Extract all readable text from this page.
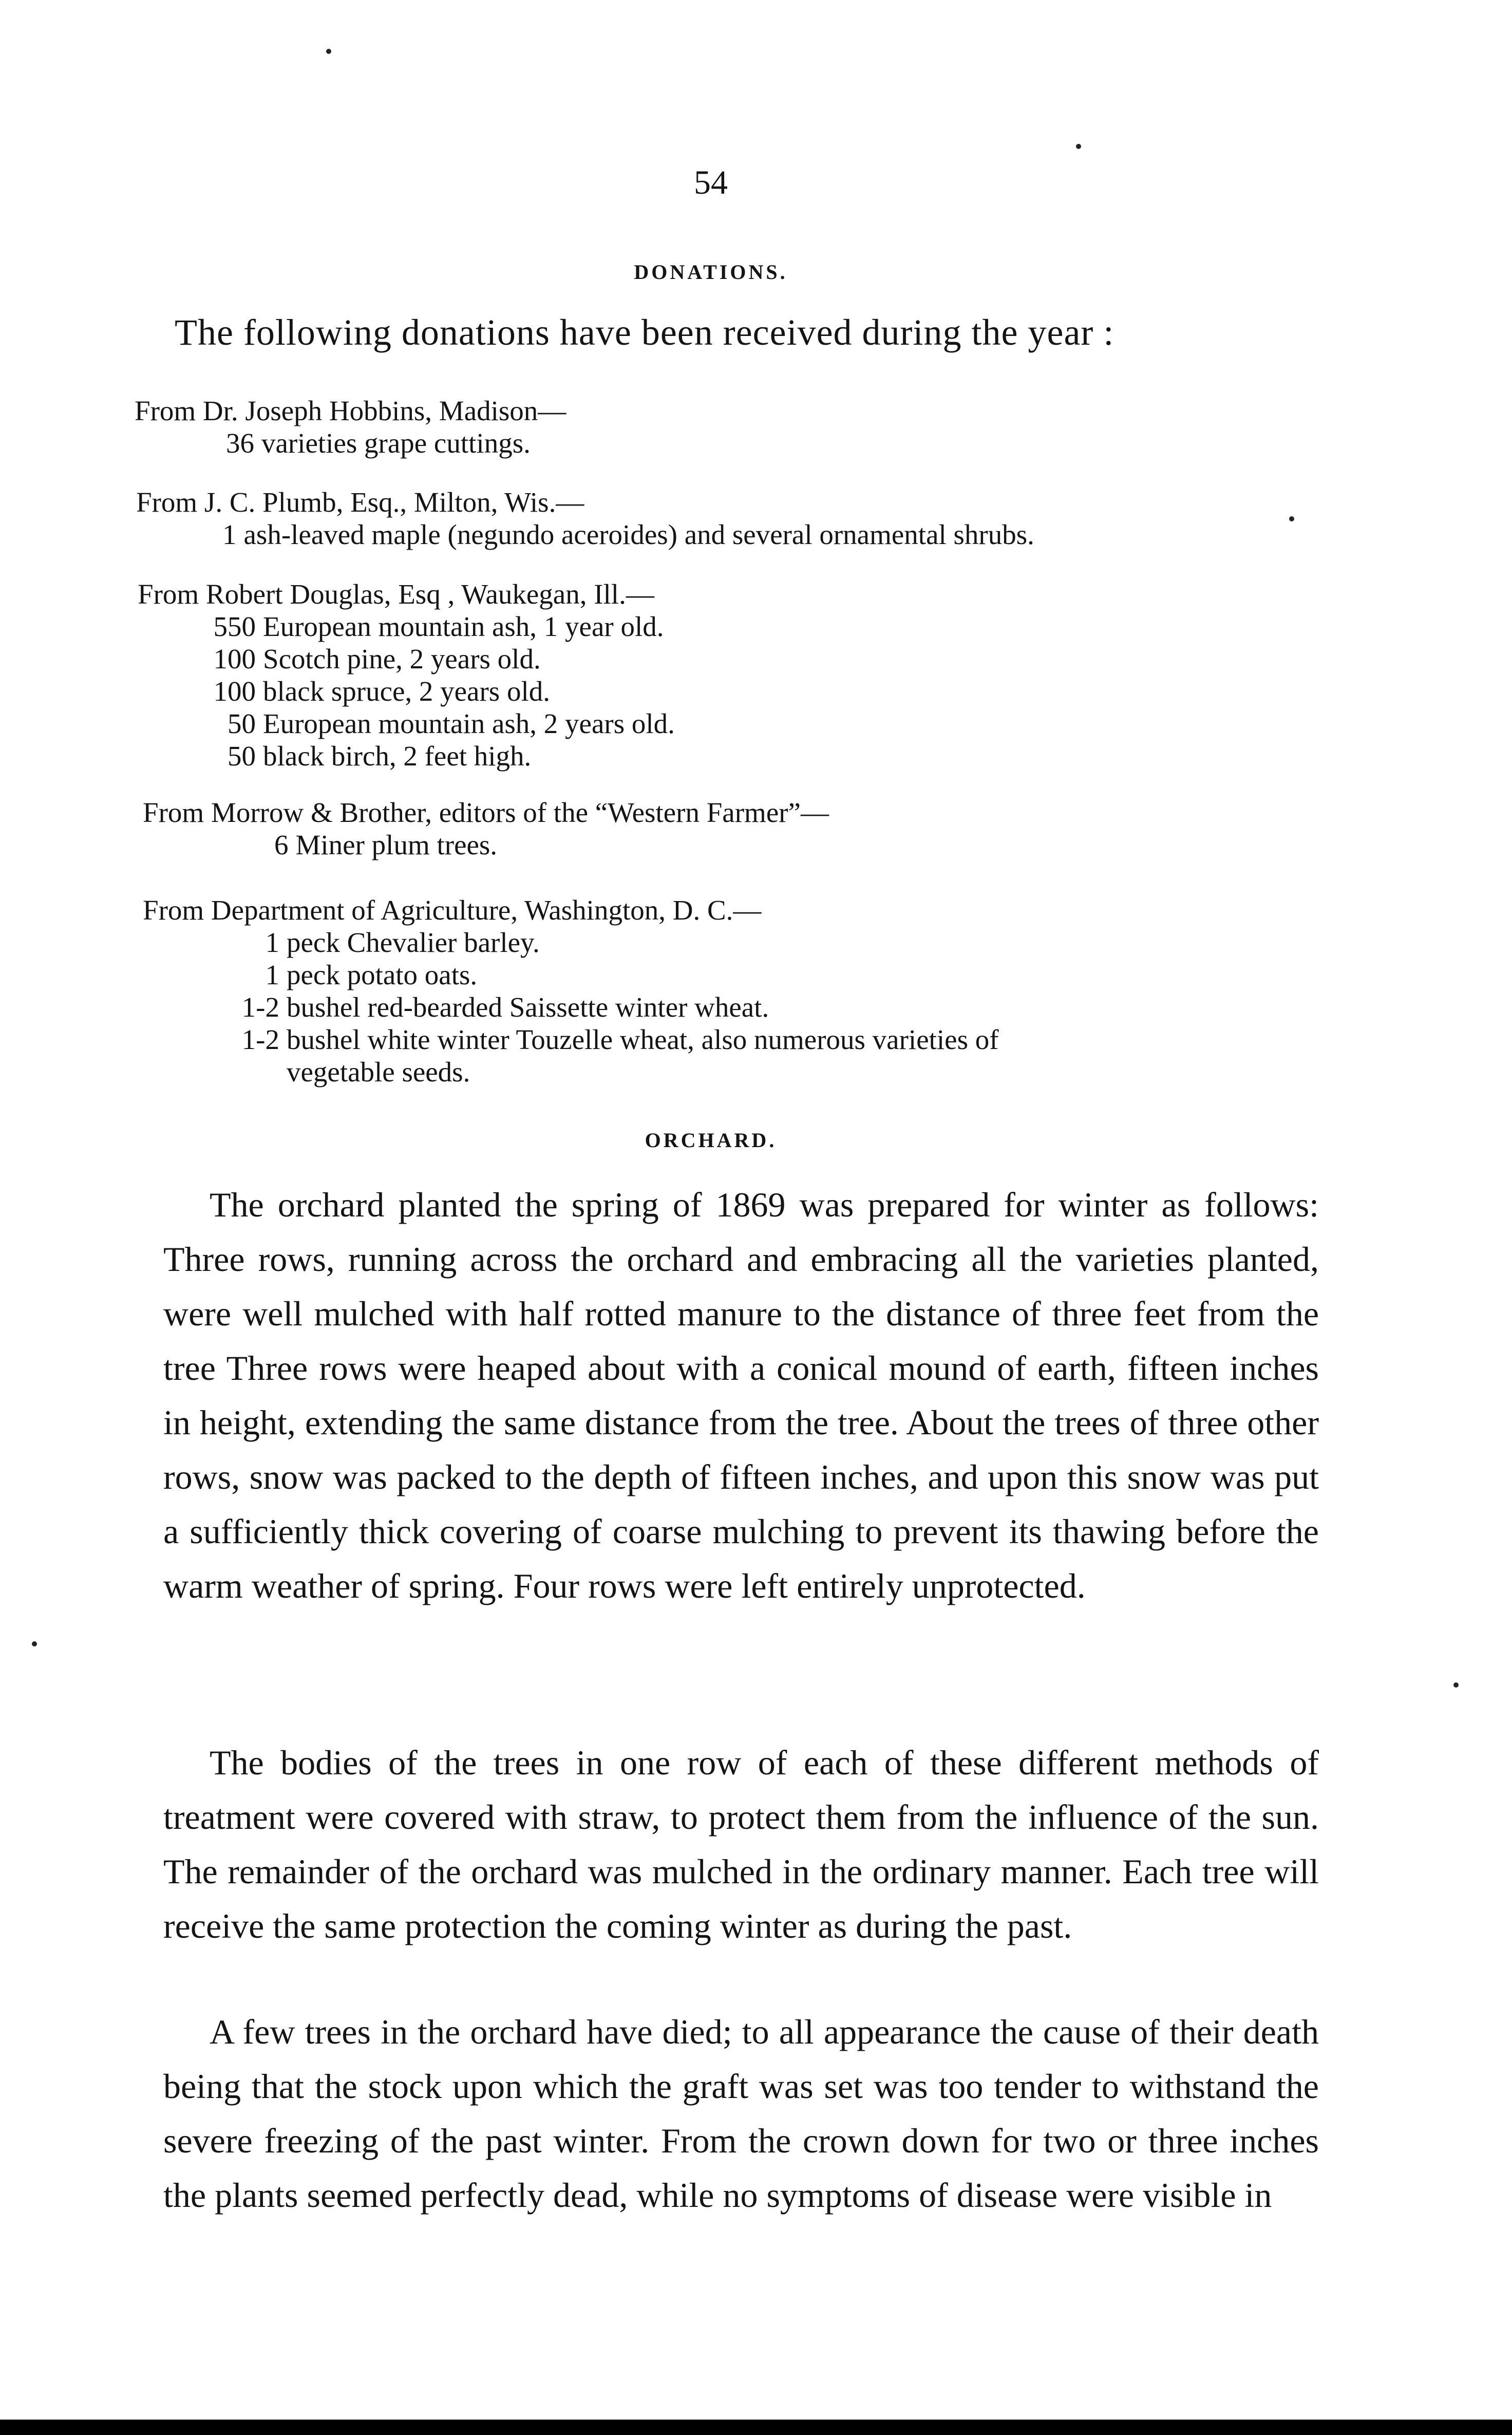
54
DONATIONS.
The following donations have been received during the year :
From Dr. Joseph Hobbins, Madison—
36 varieties grape cuttings.
From J. C. Plumb, Esq., Milton, Wis.—
1 ash-leaved maple (negundo aceroides) and several ornamental shrubs.
From Robert Douglas, Esq , Waukegan, Ill.—
550 European mountain ash, 1 year old.
100 Scotch pine, 2 years old.
100 black spruce, 2 years old.
50 European mountain ash, 2 years old.
50 black birch, 2 feet high.
From Morrow & Brother, editors of the “Western Farmer”—
6 Miner plum trees.
From Department of Agriculture, Washington, D. C.—
1 peck Chevalier barley.
1 peck potato oats.
1-2 bushel red-bearded Saissette winter wheat.
1-2 bushel white winter Touzelle wheat, also numerous varieties of
vegetable seeds.
ORCHARD.
The orchard planted the spring of 1869 was prepared for winter as follows: Three rows, running across the orchard and embracing all the varieties planted, were well mulched with half rotted manure to the distance of three feet from the tree Three rows were heaped about with a conical mound of earth, fifteen inches in height, extending the same distance from the tree. About the trees of three other rows, snow was packed to the depth of fifteen inches, and upon this snow was put a sufficiently thick covering of coarse mulching to prevent its thawing before the warm weather of spring. Four rows were left entirely unprotected.
The bodies of the trees in one row of each of these different methods of treatment were covered with straw, to protect them from the influence of the sun. The remainder of the orchard was mulched in the ordinary manner. Each tree will receive the same protection the coming winter as during the past.
A few trees in the orchard have died; to all appearance the cause of their death being that the stock upon which the graft was set was too tender to withstand the severe freezing of the past winter. From the crown down for two or three inches the plants seemed perfectly dead, while no symptoms of disease were visible in
